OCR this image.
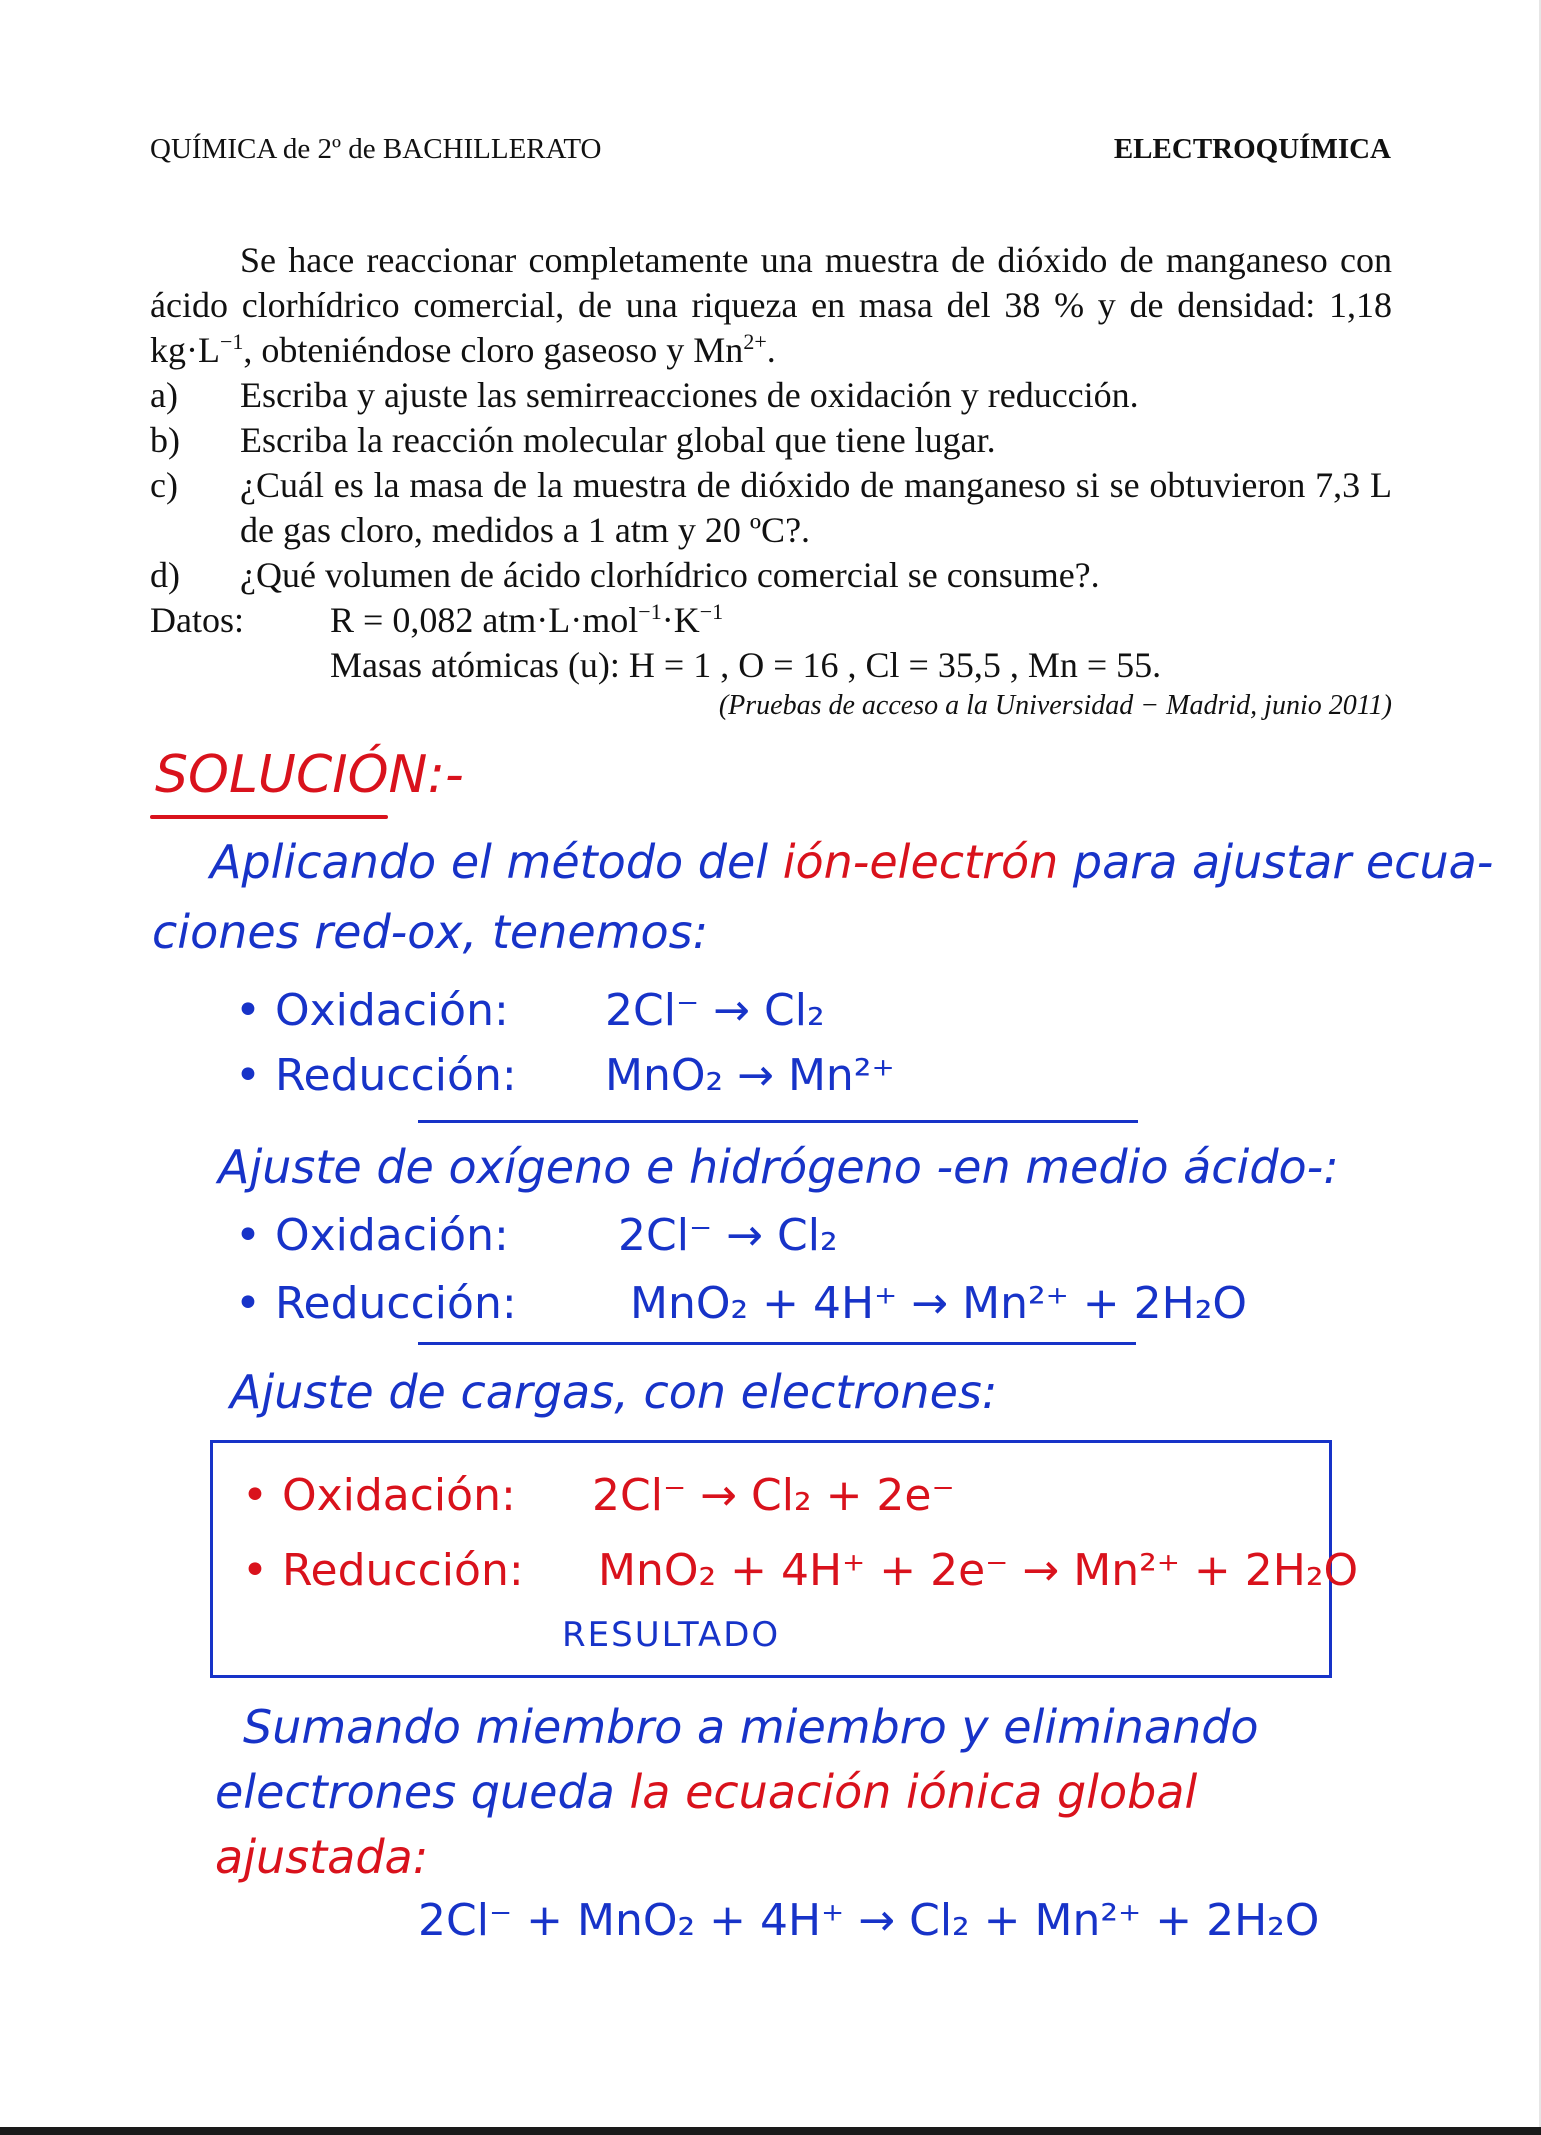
QUÍMICA de 2º de BACHILLERATO	ELECTROQUÍMICA
Se hace reaccionar completamente una muestra de dióxido de manganeso con ácido clorhídrico comercial, de una riqueza en masa del 38 % y de densidad: 1,18 $kg\cdot L^{-1}$, obteniéndose cloro gaseoso y $Mn^{2+}$.
a)	Escriba y ajuste las semirreacciones de oxidación y reducción.
b)	Escriba la reacción molecular global que tiene lugar.
c)	¿Cuál es la masa de la muestra de dióxido de manganeso si se obtuvieron 7,3 L de gas cloro, medidos a 1 atm y 20 ºC?.
d)	¿Qué volumen de ácido clorhídrico comercial se consume?.
Datos:	R = 0,082 $atm\cdot L\cdot mol^{-1}\cdot K^{-1}$
Masas atómicas (u): H = 1 , O = 16 , Cl = 35,5 , Mn = 55.
(Pruebas de acceso a la Universidad − Madrid, junio 2011)
SOLUCIÓN:-
Aplicando el método del ión-electrón para ajustar ecua-
ciones red-ox, tenemos:
• Oxidación: 2Cl⁻ → Cl₂
• Reducción: MnO₂ → Mn²⁺
Ajuste de oxígeno e hidrógeno -en medio ácido-:
• Oxidación: 2Cl⁻ → Cl₂
• Reducción:	MnO₂ + 4H⁺ → Mn²⁺ + 2H₂O
Ajuste de cargas, con electrones:
• Oxidación: 2Cl⁻ → Cl₂ + 2e⁻
• Reducción: MnO₂ + 4H⁺ + 2e⁻ → Mn²⁺ + 2H₂O
RESULTADO
Sumando miembro a miembro y eliminando
electrones queda la ecuación iónica global
ajustada:
2Cl⁻ + MnO₂ + 4H⁺ → Cl₂ + Mn²⁺ + 2H₂O
